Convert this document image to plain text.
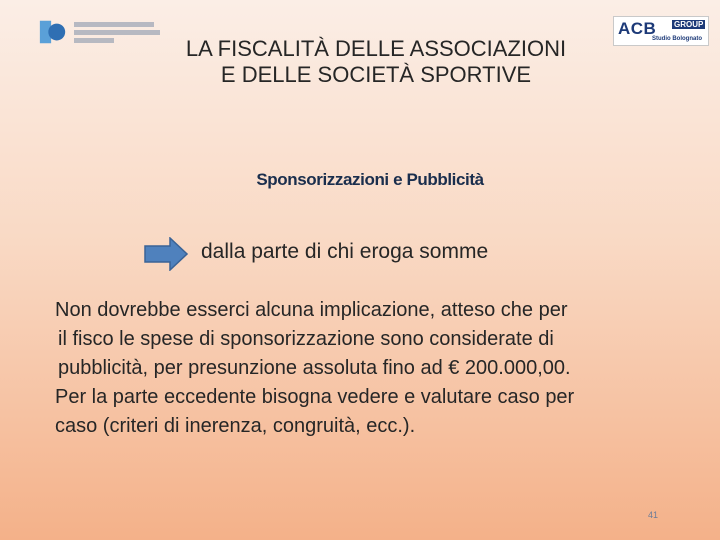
ACB GROUP
Studio Bolognato
LA FISCALITÀ DELLE ASSOCIAZIONI
E DELLE SOCIETÀ SPORTIVE
Sponsorizzazioni e Pubblicità
dalla parte di chi eroga somme

Non dovrebbe esserci alcuna implicazione, atteso che per

il fisco le spese di sponsorizzazione sono considerate di

pubblicità, per presunzione assoluta fino ad € 200.000,00.

Per la parte eccedente bisogna vedere e valutare caso per

caso (criteri di inerenza, congruità, ecc.).

41
